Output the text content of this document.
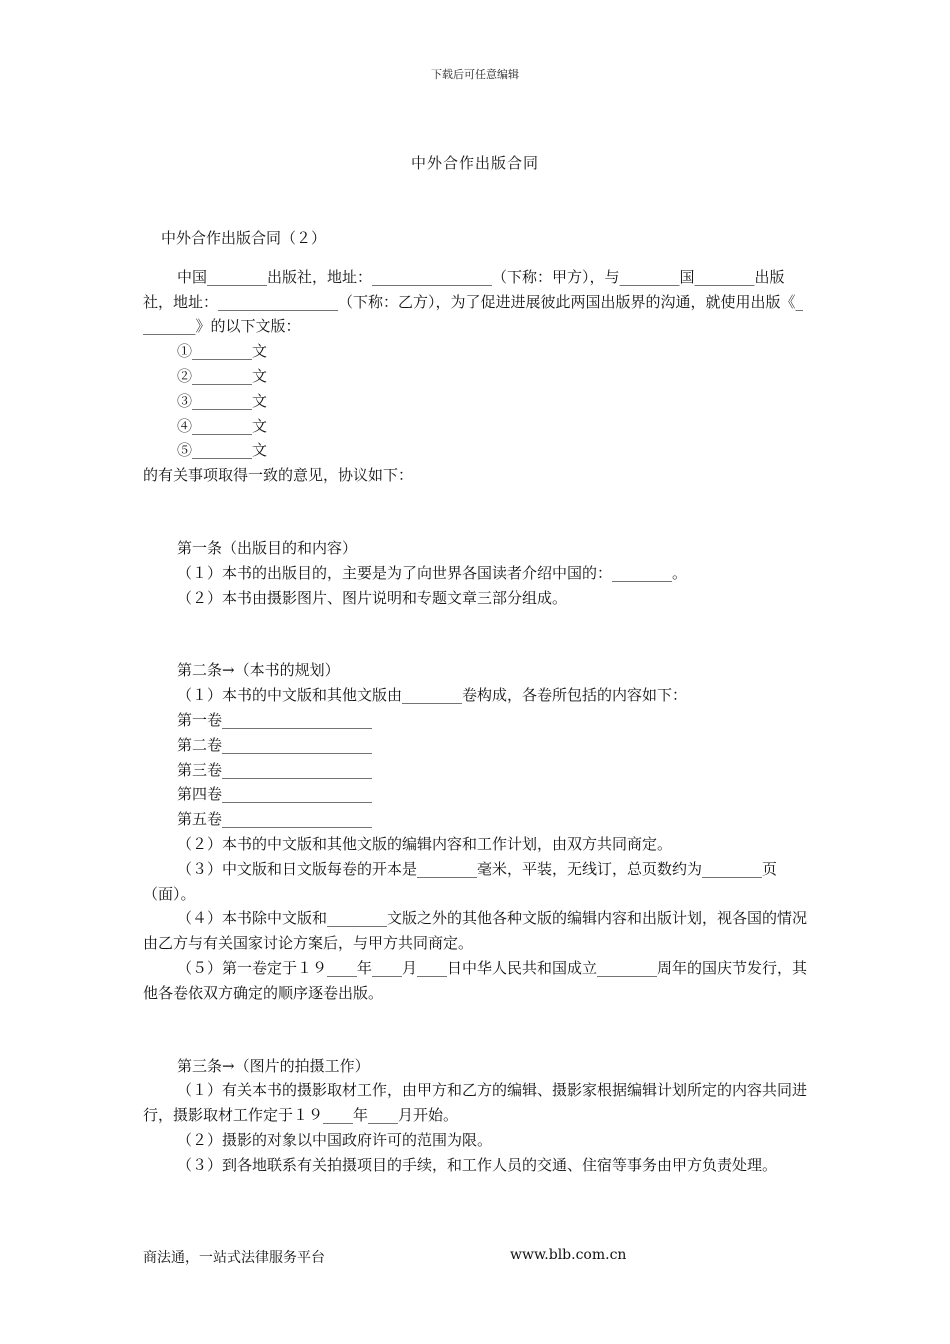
下载后可任意编辑
中外合作出版合同

中外合作出版合同（２）

中国________出版社，地址：________________（下称：甲方），与________国________出版社，地址：________________（下称：乙方），为了促进进展彼此两国出版界的沟通，就使用出版《________》的以下文版：

①________文

②________文

③________文

④________文

⑤________文

的有关事项取得一致的意见，协议如下：

第一条（出版目的和内容）

（１）本书的出版目的，主要是为了向世界各国读者介绍中国的：________。

（２）本书由摄影图片、图片说明和专题文章三部分组成。

第二条→（本书的规划）

（１）本书的中文版和其他文版由________卷构成，各卷所包括的内容如下：

第一卷____________________

第二卷____________________

第三卷____________________

第四卷____________________

第五卷____________________

（２）本书的中文版和其他文版的编辑内容和工作计划，由双方共同商定。

（３）中文版和日文版每卷的开本是________毫米，平装，无线订，总页数约为________页（面）。

（４）本书除中文版和________文版之外的其他各种文版的编辑内容和出版计划，视各国的情况由乙方与有关国家讨论方案后，与甲方共同商定。

（５）第一卷定于１９____年____月____日中华人民共和国成立________周年的国庆节发行，其他各卷依双方确定的顺序逐卷出版。

第三条→（图片的拍摄工作）

（１）有关本书的摄影取材工作，由甲方和乙方的编辑、摄影家根据编辑计划所定的内容共同进行，摄影取材工作定于１９____年____月开始。

（２）摄影的对象以中国政府许可的范围为限。

（３）到各地联系有关拍摄项目的手续，和工作人员的交通、住宿等事务由甲方负责处理。

商法通，一站式法律服务平台	www.blb.com.cn
